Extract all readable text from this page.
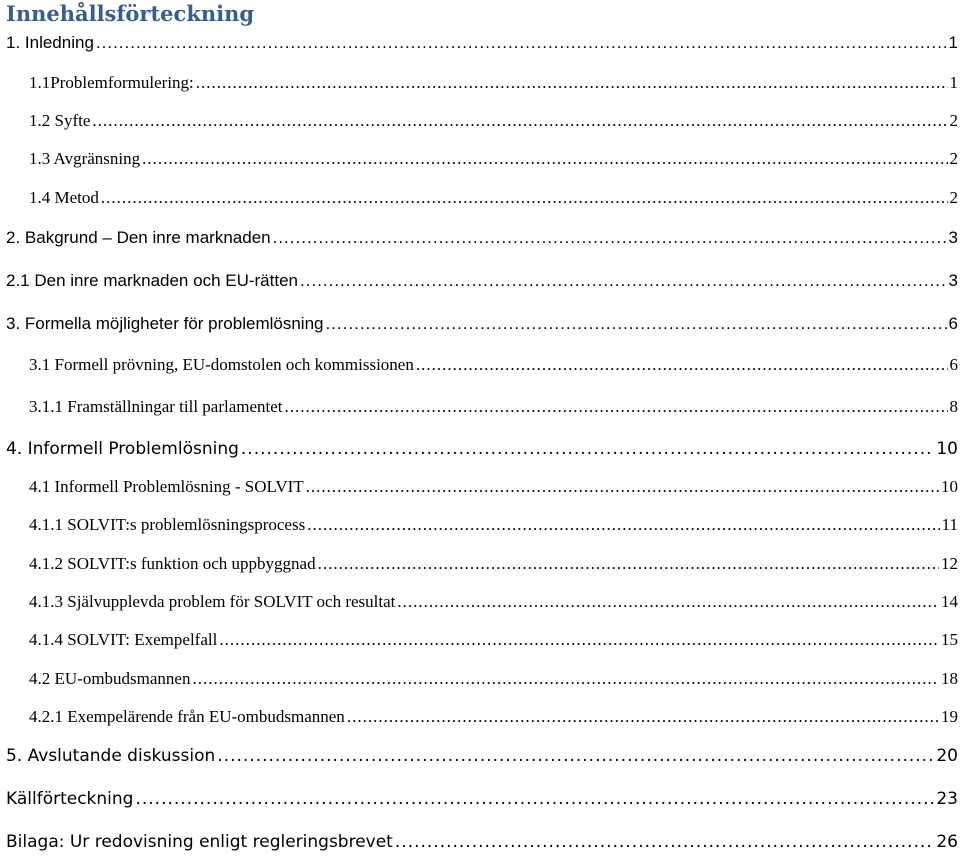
Innehållsförteckning
1. Inledning .....	1
1.1Problemformulering: .....	1
1.2 Syfte .....	2
1.3 Avgränsning .....	2
1.4 Metod .....	2
2. Bakgrund – Den inre marknaden .....	3
2.1 Den inre marknaden och EU-rätten .....	3
3. Formella möjligheter för problemlösning .....	6
3.1 Formell prövning, EU-domstolen och kommissionen .....	6
3.1.1 Framställningar till parlamentet .....	8
4. Informell Problemlösning .....	10
4.1 Informell Problemlösning - SOLVIT .....	10
4.1.1 SOLVIT:s problemlösningsprocess .....	11
4.1.2 SOLVIT:s funktion och uppbyggnad .....	12
4.1.3 Självupplevda problem för SOLVIT och resultat .....	14
4.1.4 SOLVIT: Exempelfall .....	15
4.2 EU-ombudsmannen .....	18
4.2.1 Exempelärende från EU-ombudsmannen .....	19
5. Avslutande diskussion .....	20
Källförteckning .....	23
Bilaga: Ur redovisning enligt regleringsbrevet .....	26
